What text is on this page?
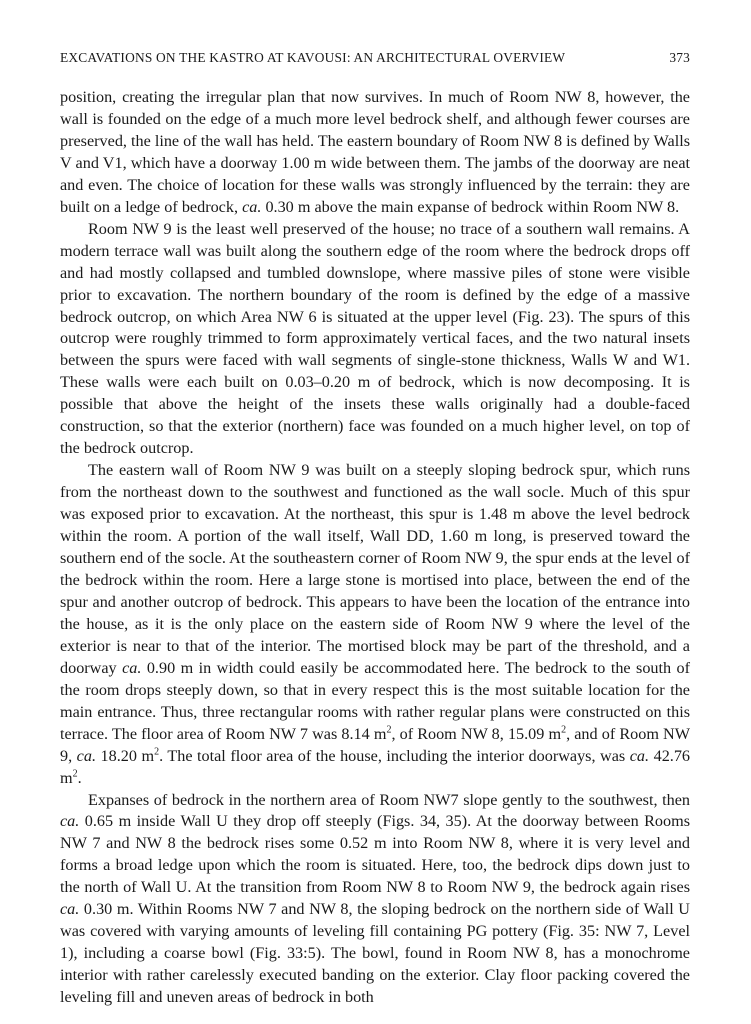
EXCAVATIONS ON THE KASTRO AT KAVOUSI: AN ARCHITECTURAL OVERVIEW	373

position, creating the irregular plan that now survives. In much of Room NW 8, however, the wall is founded on the edge of a much more level bedrock shelf, and although fewer courses are preserved, the line of the wall has held. The eastern boundary of Room NW 8 is defined by Walls V and V1, which have a doorway 1.00 m wide between them. The jambs of the doorway are neat and even. The choice of location for these walls was strongly influenced by the terrain: they are built on a ledge of bedrock, ca. 0.30 m above the main expanse of bedrock within Room NW 8.

Room NW 9 is the least well preserved of the house; no trace of a southern wall remains. A modern terrace wall was built along the southern edge of the room where the bedrock drops off and had mostly collapsed and tumbled downslope, where massive piles of stone were visible prior to excavation. The northern boundary of the room is defined by the edge of a massive bedrock outcrop, on which Area NW 6 is situated at the upper level (Fig. 23). The spurs of this outcrop were roughly trimmed to form approximately vertical faces, and the two natural insets between the spurs were faced with wall segments of single-stone thickness, Walls W and W1. These walls were each built on 0.03–0.20 m of bedrock, which is now decomposing. It is possible that above the height of the insets these walls originally had a double-faced construction, so that the exterior (northern) face was founded on a much higher level, on top of the bedrock outcrop.

The eastern wall of Room NW 9 was built on a steeply sloping bedrock spur, which runs from the northeast down to the southwest and functioned as the wall socle. Much of this spur was exposed prior to excavation. At the northeast, this spur is 1.48 m above the level bedrock within the room. A portion of the wall itself, Wall DD, 1.60 m long, is preserved toward the southern end of the socle. At the southeastern corner of Room NW 9, the spur ends at the level of the bedrock within the room. Here a large stone is mortised into place, between the end of the spur and another outcrop of bedrock. This appears to have been the location of the entrance into the house, as it is the only place on the eastern side of Room NW 9 where the level of the exterior is near to that of the interior. The mortised block may be part of the threshold, and a doorway ca. 0.90 m in width could easily be accommodated here. The bedrock to the south of the room drops steeply down, so that in every respect this is the most suitable location for the main entrance. Thus, three rectangular rooms with rather regular plans were constructed on this terrace. The floor area of Room NW 7 was 8.14 $m^2$, of Room NW 8, 15.09 $m^2$, and of Room NW 9, ca. 18.20 $m^2$. The total floor area of the house, including the interior doorways, was ca. 42.76 $m^2$.

Expanses of bedrock in the northern area of Room NW7 slope gently to the southwest, then ca. 0.65 m inside Wall U they drop off steeply (Figs. 34, 35). At the doorway between Rooms NW 7 and NW 8 the bedrock rises some 0.52 m into Room NW 8, where it is very level and forms a broad ledge upon which the room is situated. Here, too, the bedrock dips down just to the north of Wall U. At the transition from Room NW 8 to Room NW 9, the bedrock again rises ca. 0.30 m. Within Rooms NW 7 and NW 8, the sloping bedrock on the northern side of Wall U was covered with varying amounts of leveling fill containing PG pottery (Fig. 35: NW 7, Level 1), including a coarse bowl (Fig. 33:5). The bowl, found in Room NW 8, has a monochrome interior with rather carelessly executed banding on the exterior. Clay floor packing covered the leveling fill and uneven areas of bedrock in both
